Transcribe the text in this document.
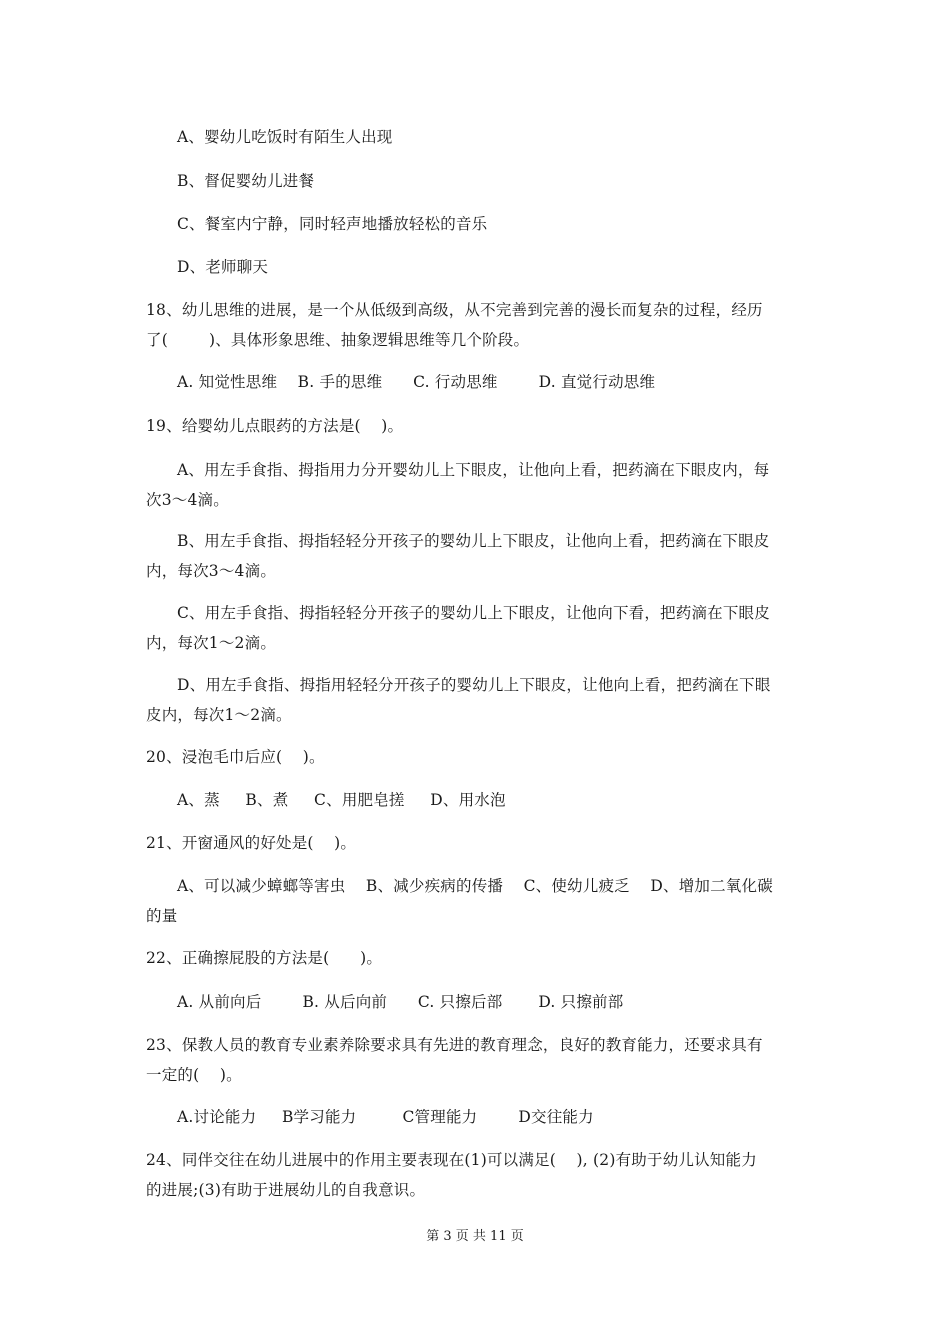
A、婴幼儿吃饭时有陌生人出现
B、督促婴幼儿进餐
C、餐室内宁静，同时轻声地播放轻松的音乐
D、老师聊天
18、幼儿思维的进展，是一个从低级到高级，从不完善到完善的漫长而复杂的过程，经历
了(        )、具体形象思维、抽象逻辑思维等几个阶段。
A. 知觉性思维    B. 手的思维      C. 行动思维        D. 直觉行动思维
19、给婴幼儿点眼药的方法是(    )。
A、用左手食指、拇指用力分开婴幼儿上下眼皮，让他向上看，把药滴在下眼皮内，每
次3～4滴。
B、用左手食指、拇指轻轻分开孩子的婴幼儿上下眼皮，让他向上看，把药滴在下眼皮
内，每次3～4滴。
C、用左手食指、拇指轻轻分开孩子的婴幼儿上下眼皮，让他向下看，把药滴在下眼皮
内，每次1～2滴。
D、用左手食指、拇指用轻轻分开孩子的婴幼儿上下眼皮，让他向上看，把药滴在下眼
皮内，每次1～2滴。
20、浸泡毛巾后应(    )。
A、蒸     B、煮     C、用肥皂搓     D、用水泡
21、开窗通风的好处是(    )。
A、可以减少蟑螂等害虫    B、减少疾病的传播    C、使幼儿疲乏    D、增加二氧化碳
的量
22、正确擦屁股的方法是(      )。
A. 从前向后        B. 从后向前      C. 只擦后部       D. 只擦前部
23、保教人员的教育专业素养除要求具有先进的教育理念，良好的教育能力，还要求具有
一定的(    )。
A.讨论能力     B学习能力         C管理能力        D交往能力
24、同伴交往在幼儿进展中的作用主要表现在(1)可以满足(    ), (2)有助于幼儿认知能力
的进展;(3)有助于进展幼儿的自我意识。
第 3 页 共 11 页
